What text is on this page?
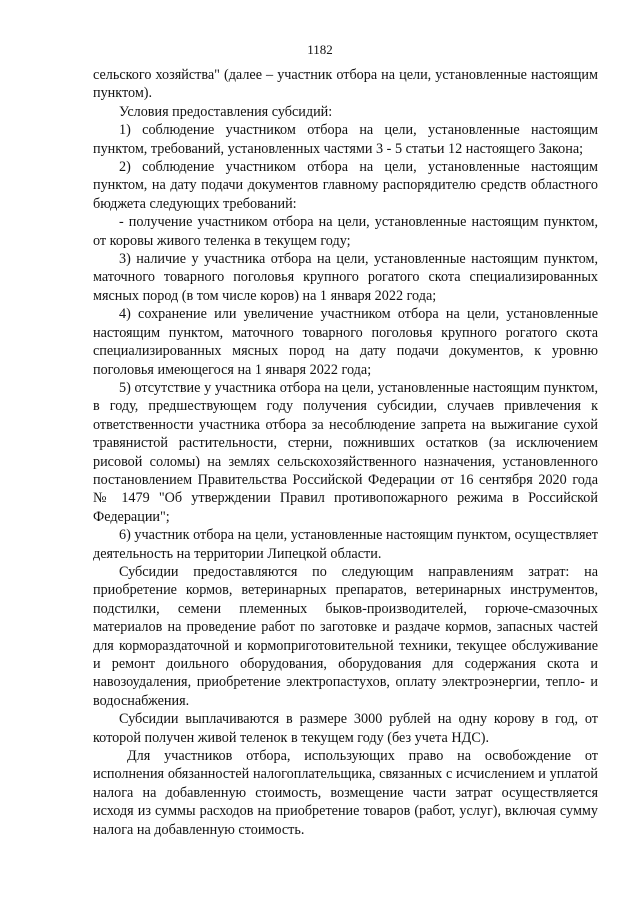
1182

сельского хозяйства" (далее – участник отбора на цели, установленные настоящим пунктом).

Условия предоставления субсидий:

1) соблюдение участником отбора на цели, установленные настоящим пунктом, требований, установленных частями 3 - 5 статьи 12 настоящего Закона;

2) соблюдение участником отбора на цели, установленные настоящим пунктом, на дату подачи документов главному распорядителю средств областного бюджета следующих требований:

- получение участником отбора на цели, установленные настоящим пунктом, от коровы живого теленка в текущем году;

3) наличие у участника отбора на цели, установленные настоящим пунктом, маточного товарного поголовья крупного рогатого скота специализированных мясных пород (в том числе коров) на 1 января 2022 года;

4) сохранение или увеличение участником отбора на цели, установленные настоящим пунктом, маточного товарного поголовья крупного рогатого скота специализированных мясных пород на дату подачи документов, к уровню поголовья имеющегося на 1 января 2022 года;

5) отсутствие у участника отбора на цели, установленные настоящим пунктом, в году, предшествующем году получения субсидии, случаев привлечения к ответственности участника отбора за несоблюдение запрета на выжигание сухой травянистой растительности, стерни, пожнивших остатков (за исключением рисовой соломы) на землях сельскохозяйственного назначения, установленного постановлением Правительства Российской Федерации от 16 сентября 2020 года № 1479 "Об утверждении Правил противопожарного режима в Российской Федерации";

6) участник отбора на цели, установленные настоящим пунктом, осуществляет деятельность на территории Липецкой области.

Субсидии предоставляются по следующим направлениям затрат: на приобретение кормов, ветеринарных препаратов, ветеринарных инструментов, подстилки, семени племенных быков-производителей, горюче-смазочных материалов на проведение работ по заготовке и раздаче кормов, запасных частей для кормораздаточной и кормоприготовительной техники, текущее обслуживание и ремонт доильного оборудования, оборудования для содержания скота и навозоудаления, приобретение электропастухов, оплату электроэнергии, тепло- и водоснабжения.

Субсидии выплачиваются в размере 3000 рублей на одну корову в год, от которой получен живой теленок в текущем году (без учета НДС).

Для участников отбора, использующих право на освобождение от исполнения обязанностей налогоплательщика, связанных с исчислением и уплатой налога на добавленную стоимость, возмещение части затрат осуществляется исходя из суммы расходов на приобретение товаров (работ, услуг), включая сумму налога на добавленную стоимость.
